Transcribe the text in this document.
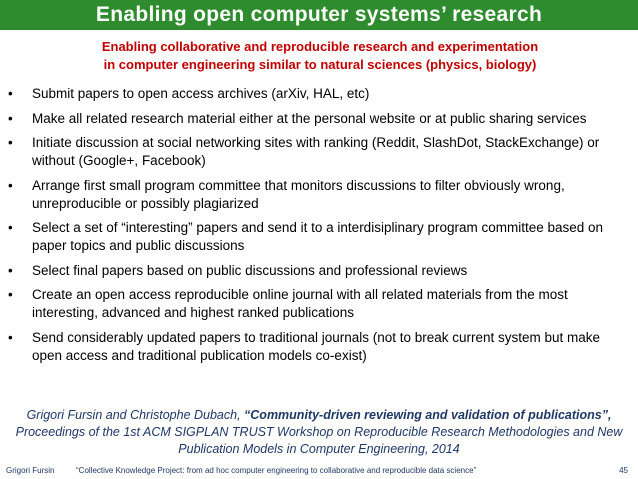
Enabling open computer systems’ research
Enabling collaborative and reproducible research and experimentation
in computer engineering similar to natural sciences (physics, biology)
• Submit papers to open access archives (arXiv, HAL, etc)
• Make all related research material either at the personal website or at public sharing services
• Initiate discussion at social networking sites with ranking (Reddit, SlashDot, StackExchange) or without (Google+, Facebook)
• Arrange first small program committee that monitors discussions to filter obviously wrong, unreproducible or possibly plagiarized
• Select a set of “interesting” papers and send it to a interdisiplinary program committee based on paper topics and public discussions
• Select final papers based on public discussions and professional reviews
• Create an open access reproducible online journal with all related materials from the most interesting, advanced and highest ranked publications
• Send considerably updated papers to traditional journals (not to break current system but make open access and traditional publication models co-exist)
Grigori Fursin and Christophe Dubach, “Community-driven reviewing and validation of publications”, Proceedings of the 1st ACM SIGPLAN TRUST Workshop on Reproducible Research Methodologies and New Publication Models in Computer Engineering, 2014
Grigori Fursin	“Collective Knowledge Project: from ad hoc computer engineering to collaborative and reproducible data science”	45
